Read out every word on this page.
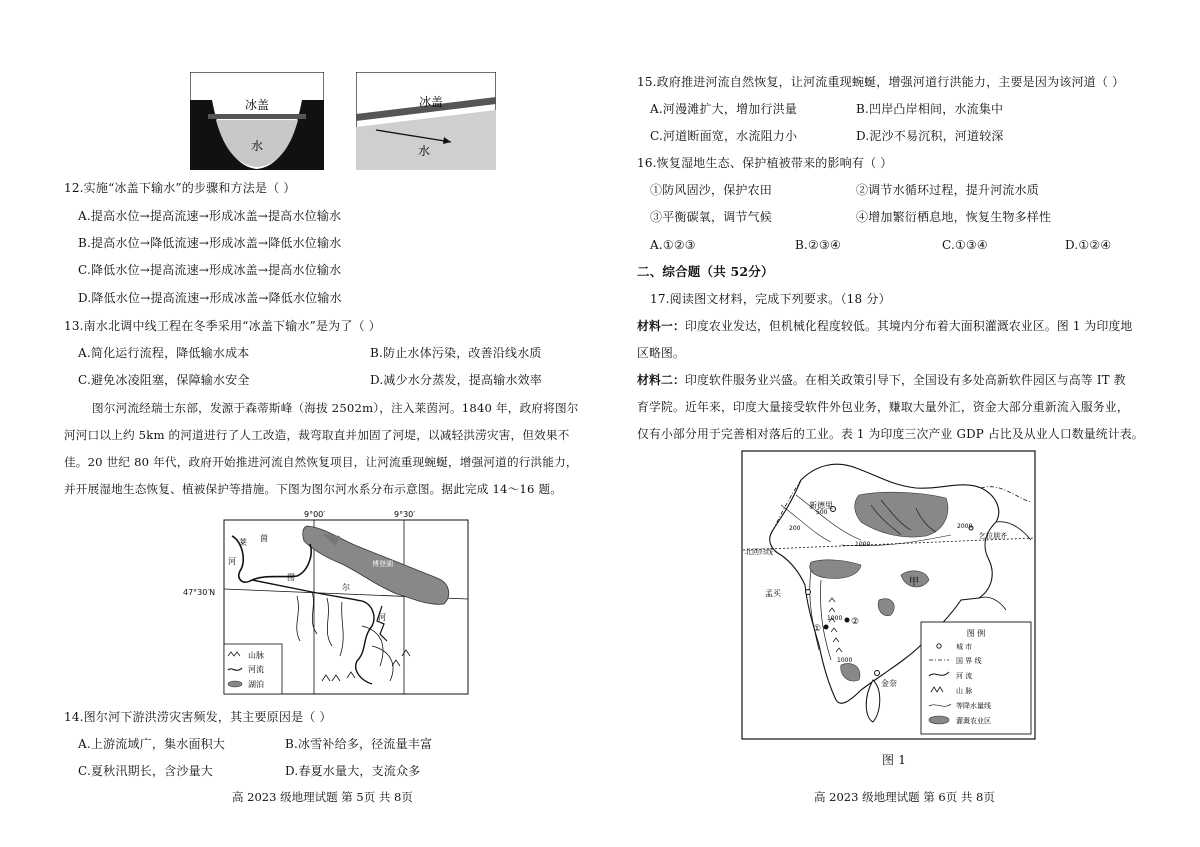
冰盖
水
冰盖
水
12.实施“冰盖下输水”的步骤和方法是（ ）
A.提高水位→提高流速→形成冰盖→提高水位输水
B.提高水位→降低流速→形成冰盖→降低水位输水
C.降低水位→提高流速→形成冰盖→提高水位输水
D.降低水位→提高流速→形成冰盖→降低水位输水
13.南水北调中线工程在冬季采用“冰盖下输水”是为了（ ）
A.简化运行流程，降低输水成本	B.防止水体污染，改善沿线水质
C.避免冰凌阻塞，保障输水安全	D.减少水分蒸发，提高输水效率
图尔河流经瑞士东部，发源于森蒂斯峰（海拔 2502m），注入莱茵河。1840 年，政府将图尔
河河口以上约 5km 的河道进行了人工改造，裁弯取直并加固了河堤，以减轻洪涝灾害，但效果不
佳。20 世纪 80 年代，政府开始推进河流自然恢复项目，让河流重现蜿蜒，增强河道的行洪能力，
并开展湿地生态恢复、植被保护等措施。下图为图尔河水系分布示意图。据此完成 14～16 题。
9°00′	9°30′
博登湖
莱 茵
河
图
尔
河
山脉
河流
湖泊
47°30′N
14.图尔河下游洪涝灾害频发，其主要原因是（ ）
A.上游流域广，集水面积大	B.冰雪补给多，径流量丰富
C.夏秋汛期长，含沙量大	D.春夏水量大，支流众多
高 2023 级地理试题 第 5页 共 8页
15.政府推进河流自然恢复，让河流重现蜿蜒，增强河道行洪能力，主要是因为该河道（ ）
A.河漫滩扩大，增加行洪量	B.凹岸凸岸相间，水流集中
C.河道断面宽，水流阻力小	D.泥沙不易沉积，河道较深
16.恢复湿地生态、保护植被带来的影响有（ ）
①防风固沙，保护农田	②调节水循环过程，提升河流水质
③平衡碳氧，调节气候	④增加繁衍栖息地，恢复生物多样性
A.①②③	B.②③④	C.①③④	D.①②④
二、综合题（共 52分）
17.阅读图文材料，完成下列要求。（18 分）
材料一：印度农业发达，但机械化程度较低。其境内分布着大面积灌溉农业区。图 1 为印度地
区略图。
材料二：印度软件服务业兴盛。在相关政策引导下，全国设有多处高新软件园区与高等 IT 教
育学院。近年来，印度大量接受软件外包业务，赚取大量外汇，资金大部分重新流入服务业，
仅有小部分用于完善相对落后的工业。表 1 为印度三次产业 GDP 占比及从业人口数量统计表。
北回归线
新德里
乞拉朋齐
甲
孟买
金奈
①
②
500
1000
2000
1000
200
1000
图 例
城 市
国 界 线
河 流
山 脉
等降水量线
灌溉农业区
图 1
高 2023 级地理试题 第 6页 共 8页
